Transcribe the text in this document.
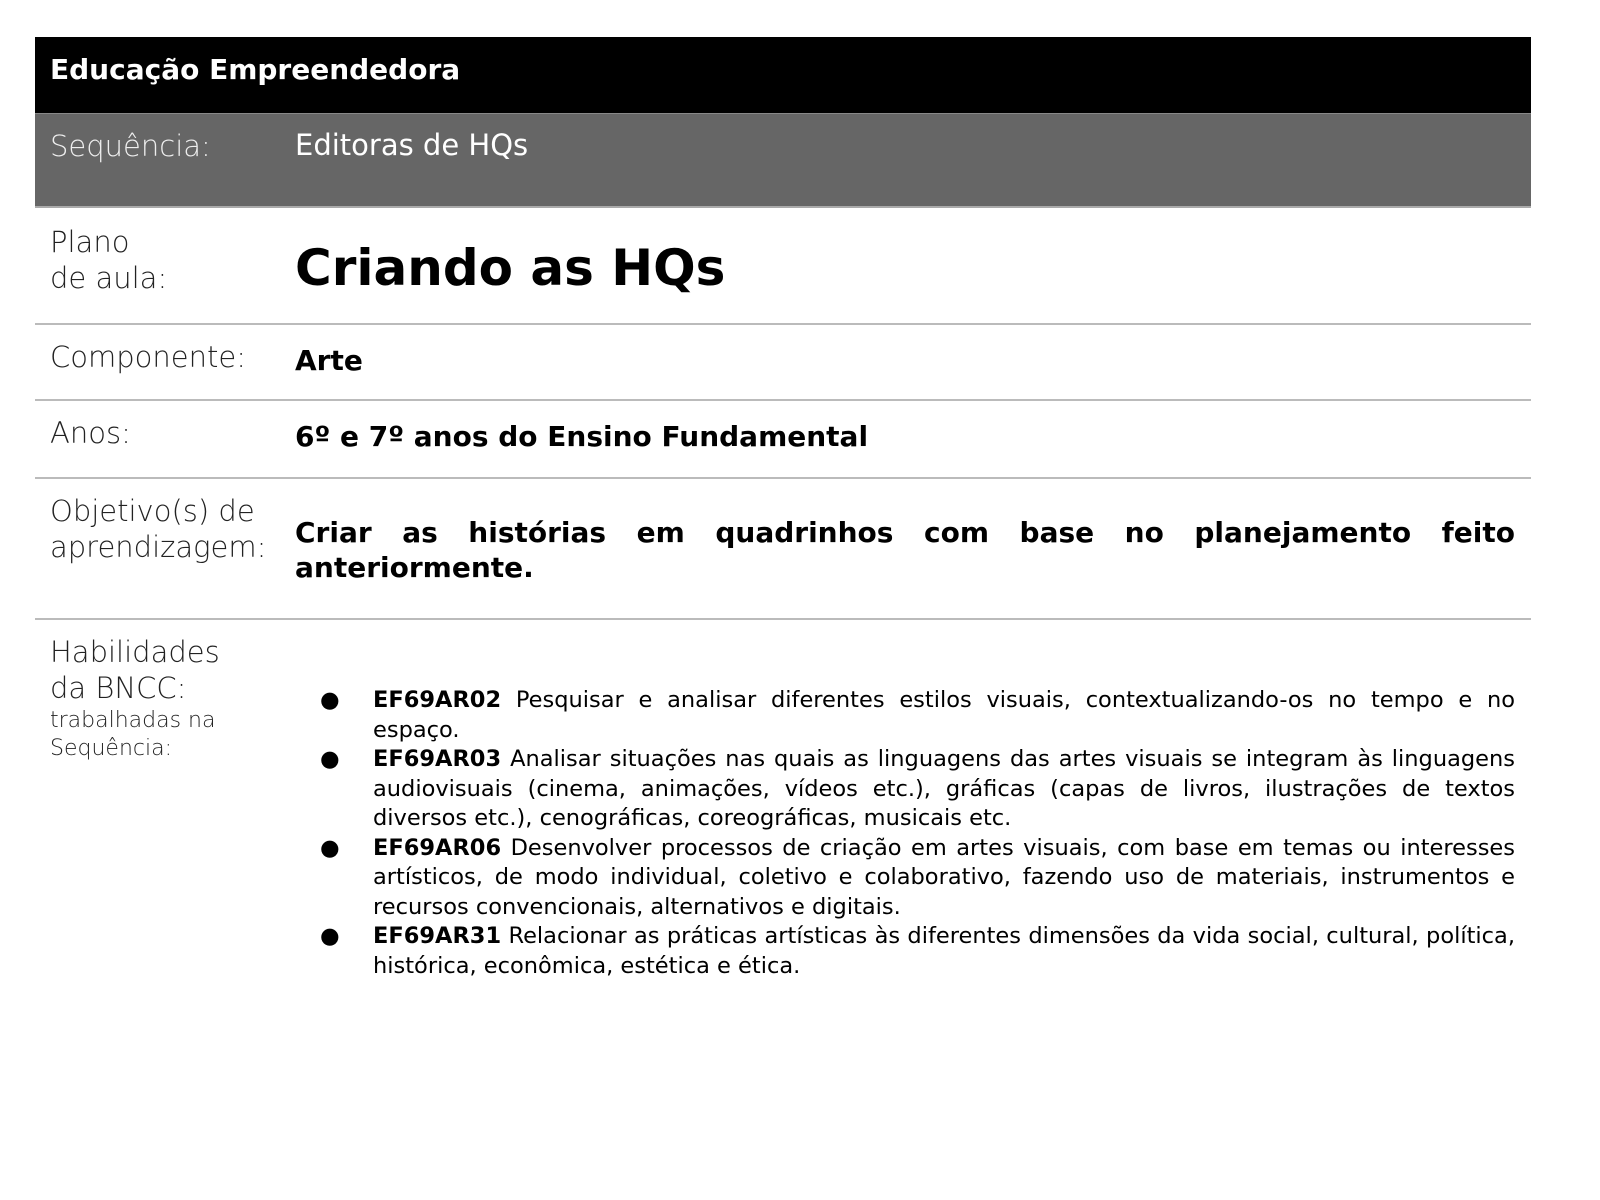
Educação Empreendedora
Sequência:	Editoras de HQs
Plano
de aula:	Criando as HQs
Componente:	Arte
Anos:	6º e 7º anos do Ensino Fundamental
Objetivo(s) de
aprendizagem:	Criar as histórias em quadrinhos com base no planejamento feito anteriormente.
Habilidades
da BNCC:
trabalhadas na
Sequência:
●	EF69AR02 Pesquisar e analisar diferentes estilos visuais, contextualizando-os no tempo e no espaço.
●	EF69AR03 Analisar situações nas quais as linguagens das artes visuais se integram às linguagens audiovisuais (cinema, animações, vídeos etc.), gráficas (capas de livros, ilustrações de textos diversos etc.), cenográficas, coreográficas, musicais etc.
●	EF69AR06 Desenvolver processos de criação em artes visuais, com base em temas ou interesses artísticos, de modo individual, coletivo e colaborativo, fazendo uso de materiais, instrumentos e recursos convencionais, alternativos e digitais.
●	EF69AR31 Relacionar as práticas artísticas às diferentes dimensões da vida social, cultural, política, histórica, econômica, estética e ética.
